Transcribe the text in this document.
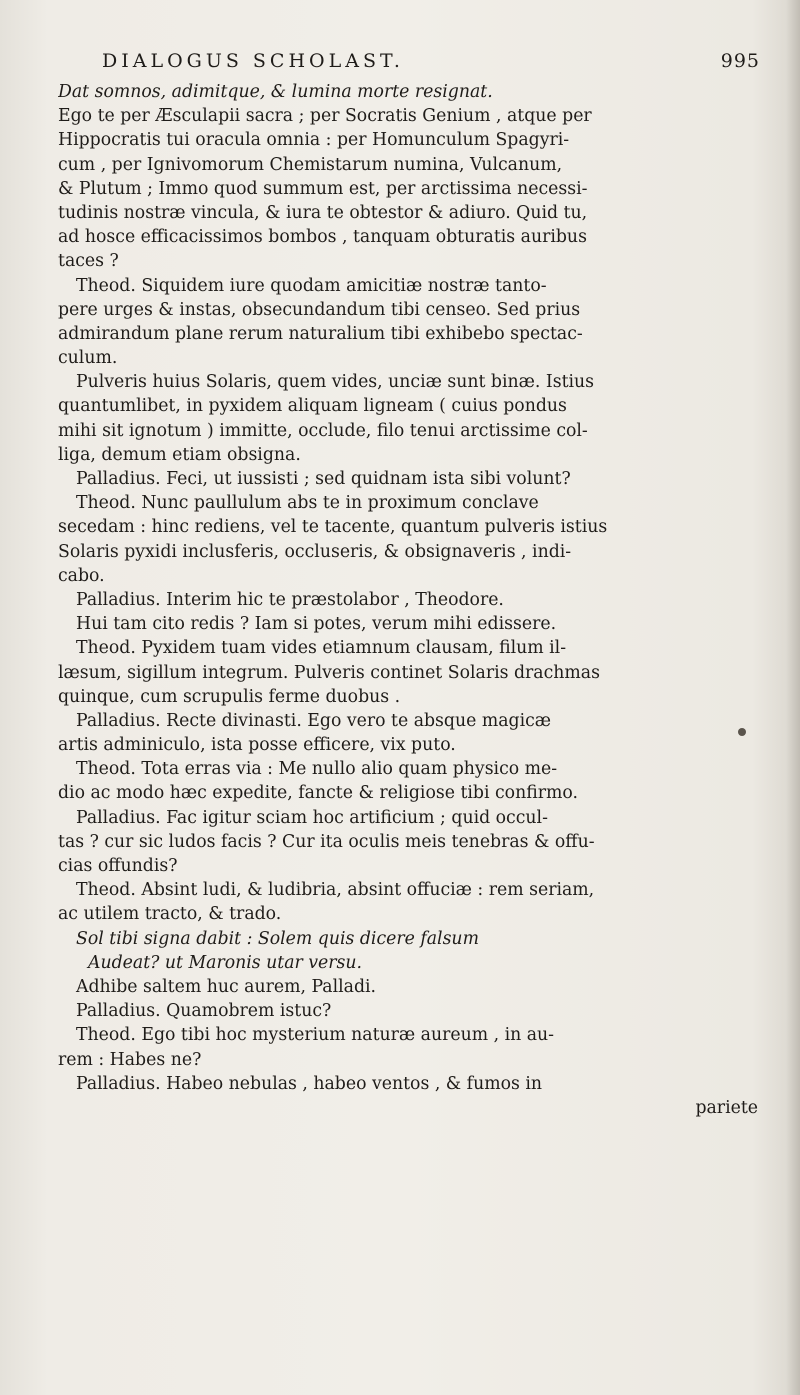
DIALOGUS SCHOLAST.	995
Dat somnos, adimitque, & lumina morte resignat.
Ego te per Æsculapii sacra ; per Socratis Genium , atque per
Hippocratis tui oracula omnia : per Homunculum Spagyri-
cum , per Ignivomorum Chemistarum numina, Vulcanum,
& Plutum ; Immo quod summum est, per arctissima necessi-
tudinis nostræ vincula, & iura te obtestor & adiuro. Quid tu,
ad hosce efficacissimos bombos , tanquam obturatis auribus
taces ?
Theod. Siquidem iure quodam amicitiæ nostræ tanto-
pere urges & instas, obsecundandum tibi censeo. Sed prius
admirandum plane rerum naturalium tibi exhibebo spectac-
culum.
Pulveris huius Solaris, quem vides, unciæ sunt binæ. Istius
quantumlibet, in pyxidem aliquam ligneam ( cuius pondus
mihi sit ignotum ) immitte, occlude, filo tenui arctissime col-
liga, demum etiam obsigna.
Palladius. Feci, ut iussisti ; sed quidnam ista sibi volunt?
Theod. Nunc paullulum abs te in proximum conclave
secedam : hinc rediens, vel te tacente, quantum pulveris istius
Solaris pyxidi inclusferis, occluseris, & obsignaveris , indi-
cabo.
Palladius. Interim hic te præstolabor , Theodore.
Hui tam cito redis ? Iam si potes, verum mihi edissere.
Theod. Pyxidem tuam vides etiamnum clausam, filum il-
læsum, sigillum integrum. Pulveris continet Solaris drachmas
quinque, cum scrupulis ferme duobus .
Palladius. Recte divinasti. Ego vero te absque magicæ
artis adminiculo, ista posse efficere, vix puto.
Theod. Tota erras via : Me nullo alio quam physico me-
dio ac modo hæc expedite, fancte & religiose tibi confirmo.
Palladius. Fac igitur sciam hoc artificium ; quid occul-
tas ? cur sic ludos facis ? Cur ita oculis meis tenebras & offu-
cias offundis?
Theod. Absint ludi, & ludibria, absint offuciæ : rem seriam,
ac utilem tracto, & trado.
Sol tibi signa dabit : Solem quis dicere falsum
Audeat? ut Maronis utar versu.
Adhibe saltem huc aurem, Palladi.
Palladius. Quamobrem istuc?
Theod. Ego tibi hoc mysterium naturæ aureum , in au-
rem : Habes ne?
Palladius. Habeo nebulas , habeo ventos , & fumos in
pariete
